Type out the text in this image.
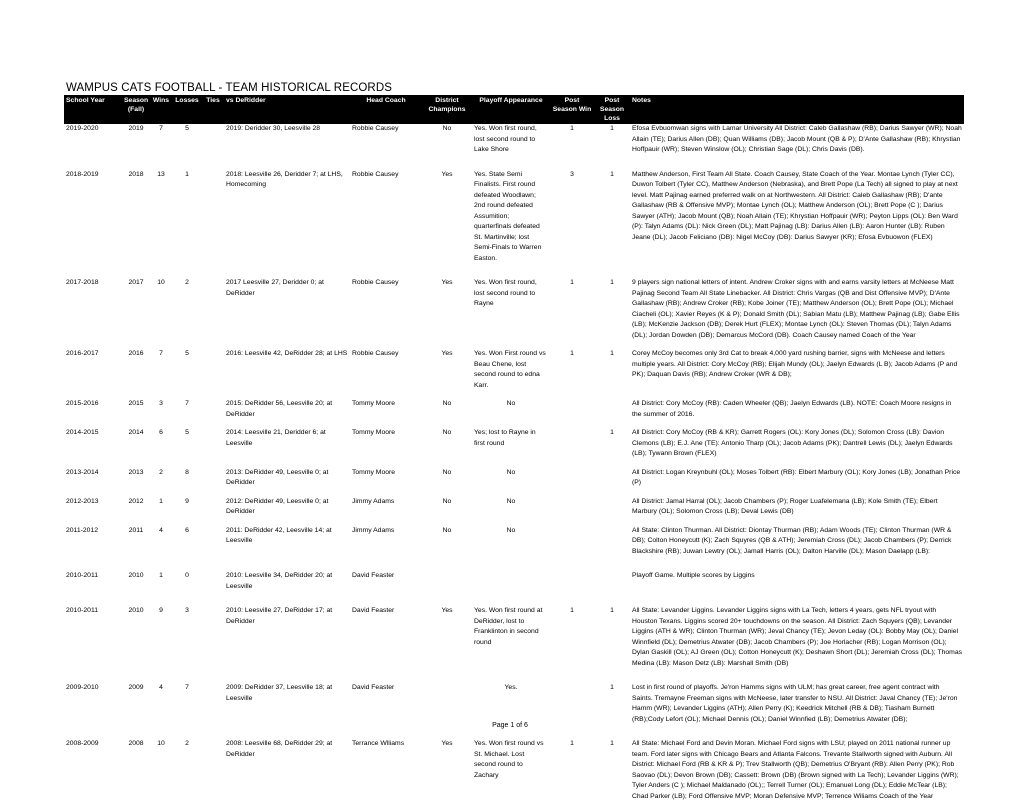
WAMPUS CATS FOOTBALL - TEAM HISTORICAL RECORDS
School Year	Season (Fall)	Wins	Losses	Ties	vs DeRidder	Head Coach	District Champions	Playoff Appearance	Post Season Win	Post Season Loss	Notes
2019-2020	2019	7	5		2019: Deridder 30, Leesville 28	Robbie Causey	No	Yes. Won first round, lost second round to Lake Shore	1	1	Efosa Evbuomwan signs with Lamar University All District: Caleb Gallashaw (RB); Darius Sawyer (WR); Noah Allain (TE); Darius Allen (DB); Quan Williams (DB); Jacob Mount (QB & P); D'Ante Gallashaw (RB); Khrystian Hoffpauir (WR); Steven Winslow (OL); Christian Sage (DL); Chris Davis (DB).

2018-2019	2018	13	1		2018: Leesville 26, Deridder 7; at LHS, Homecoming	Robbie Causey	Yes	Yes. State Semi Finalists. First round defeated Woodlawn; 2nd round defeated Assumition; quarterfinals defeated St. Martinville; lost Semi-Finals to Warren Easton.	3	1	Matthew Anderson, First Team All State. Coach Causey, State Coach of the Year. Montae Lynch (Tyler CC), Duwon Tolbert (Tyler CC), Matthew Anderson (Nebraska), and Brett Pope (La Tech) all signed to play at next level. Matt Pajinag earned preferred walk on at Northwestern. All District: Caleb Gallashaw (RB); D'ante Gallashaw (RB & Offensive MVP); Montae Lynch (OL); Matthew Anderson (OL); Brett Pope (C ); Darius Sawyer (ATH); Jacob Mount (QB); Noah Allain (TE); Khrystian Hoffpauir (WR); Peyton Lipps (OL): Ben Ward (P): Talyn Adams (DL): Nick Green (DL); Matt Pajinag (LB): Darius Allen (LB): Aaron Hunter (LB): Ruben Jeane (DL); Jacob Feliciano (DB): Nigel McCoy (DB): Darius Sawyer (KR); Efosa Evbuowon (FLEX)

2017-2018	2017	10	2		2017 Leesville 27, Deridder 0; at DeRidder	Robbie Causey	Yes	Yes. Won first round, lost second round to Rayne	1	1	9 players sign national letters of intent. Andrew Croker signs with and earns varsity letters at McNeese Matt Pajinag Second Team All State Linebacker. All District: Chris Vargas (QB and Dist Offensive MVP); D'Ante Gallashaw (RB); Andrew Croker (RB); Kobe Joiner (TE); Matthew Anderson (OL); Brett Pope (OL); Michael Ciacheli (OL); Xavier Reyes (K & P); Donald Smith (DL); Sabian Matu (LB); Matthew Pajinag (LB); Gabe Ellis (LB); McKenzie Jackson (DB); Derek Hurt (FLEX); Montae Lynch (OL): Steven Thomas (DL); Talyn Adams (DL); Jordan Dowden (DB); Demarcus McCord (DB). Coach Causey named Coach of the Year

2016-2017	2016	7	5		2016: Leesville 42, DeRidder 28; at LHS	Robbie Causey	Yes	Yes. Won First round vs Beau Chene, lost second round to edna Karr.	1	1	Corey McCoy becomes only 3rd Cat to break 4,000 yard rushing barrier, signs with McNeese and letters multiple years. All District: Cory McCoy (RB); Elijah Mundy (OL); Jaelyn Edwards (L B); Jacob Adams (P and PK); Daquan Davis (RB); Andrew Croker (WR & DB);

2015-2016	2015	3	7		2015: DeRidder 56, Leesville 20; at DeRidder	Tommy Moore	No	No			All District: Cory McCoy (RB): Caden Wheeler (QB); Jaelyn Edwards (LB). NOTE: Coach Moore resigns in the summer of 2016.

2014-2015	2014	6	5		2014: Leesville 21, Deridder 6; at Leesville	Tommy Moore	No	Yes; lost to Rayne in first round		1	All District: Cory McCoy (RB & KR); Garrett Rogers (OL): Kory Jones (DL); Solomon Cross (LB): Davion Clemons (LB); E.J. Ane (TE): Antonio Tharp (OL); Jacob Adams (PK); Dantrell Lewis (DL); Jaelyn Edwards (LB); Tywann Brown (FLEX)

2013-2014	2013	2	8		2013: DeRidder 49, Leesville 0; at DeRidder	Tommy Moore	No	No			All District: Logan Kreynbuhl (OL); Moses Tolbert (RB): Elbert Marbury (OL); Kory Jones (LB); Jonathan Price (P)

2012-2013	2012	1	9		2012: DeRidder 49, Leesville 0; at DeRidder	Jimmy Adams	No	No			All District: Jamal Harral (OL); Jacob Chambers (P); Roger Luafelemana (LB); Kole Smith (TE); Elbert Marbury (OL); Solomon Cross (LB); Deval Lewis (DB)

2011-2012	2011	4	6		2011: DeRidder 42, Leesville 14; at Leesville	Jimmy Adams	No	No			All State: Clinton Thurman. All District: Diontay Thurman (RB); Adam Woods (TE); Clinton Thurman (WR & DB); Colton Honeycutt (K); Zach Squyres (QB & ATH); Jeremiah Cross (DL); Jacob Chambers (P); Derrick Blackshire (RB); Juwan Lewtry (OL); Jamall Harris (OL); Dalton Harville (DL); Mason Daelapp (LB):

2010-2011	2010	1	0		2010: Leesville 34, DeRidder 20; at Leesville	David Feaster					Playoff Game. Multiple scores by Liggins

2010-2011	2010	9	3		2010: Leesville 27, DeRidder 17; at DeRidder	David Feaster	Yes	Yes. Won first round at DeRidder, lost to Franklinton in second round	1	1	All State: Levander Liggins. Levander Liggins signs with La Tech, letters 4 years, gets NFL tryout with Houston Texans. Liggins scored 20+ touchdowns on the season. All District: Zach Squyers (QB); Levander Liggins (ATH & WR); Clinton Thurman (WR); Jeval Chancy (TE); Jevon Leday (OL): Bobby May (OL); Daniel Winnfield (DL); Demetrius Atwater (DB); Jacob Chambers (P); Joe Horlacher (RB); Logan Morrison (OL); Dylan Gaskill (OL); AJ Green (OL); Cotton Honeycutt (K); Deshawn Short (DL); Jeremiah Cross (DL); Thomas Medina (LB): Mason Detz (LB): Marshall Smith (DB)

2009-2010	2009	4	7		2009: DeRidder 37, Leesville 18; at Leesville	David Feaster		Yes.		1	Lost in first round of playoffs. Je'ron Hamms signs with ULM; has great career, free agent contract with Saints. Tremayne Freeman signs with McNeese, later transfer to NSU. All District: Javal Chancy (TE); Je'ron Hamm (WR); Levander Liggins (ATH); Allen Perry (K); Keedrick Mitchell (RB & DB); Tiasham Burnett (RB);Cody Lefort (OL); Michael Dennis (OL); Daniel Winnfied (LB); Demetrius Atwater (DB);

2008-2009	2008	10	2		2008: Leesville 68, DeRidder 29; at DeRidder	Terrance Wlliams	Yes	Yes. Won first round vs St. Michael. Lost second round to Zachary	1	1	All State: Michael Ford and Devin Moran. Michael Ford signs with LSU; played on 2011 national runner up team. Ford later signs with Chicago Bears and Atlanta Falcons. Trevante Stallworth signed with Auburn. All District: Michael Ford (RB & KR & P); Trev Stallworth (QB); Demetrius O'Bryant (RB): Allen Perry (PK); Rob Saovao (DL); Devon Brown (DB); Cassett: Brown (DB) (Brown signed with La Tech); Levander Liggins (WR); Tyler Anders (C ); Michael Maldanado (OL);; Terrell Turner (OL); Emanuel Long (DL); Eddie McTear (LB); Chad Parker (LB); Ford Offensive MVP; Moran Defensive MVP; Terrence Wiliams Coach of the Year
Page 1 of 6
